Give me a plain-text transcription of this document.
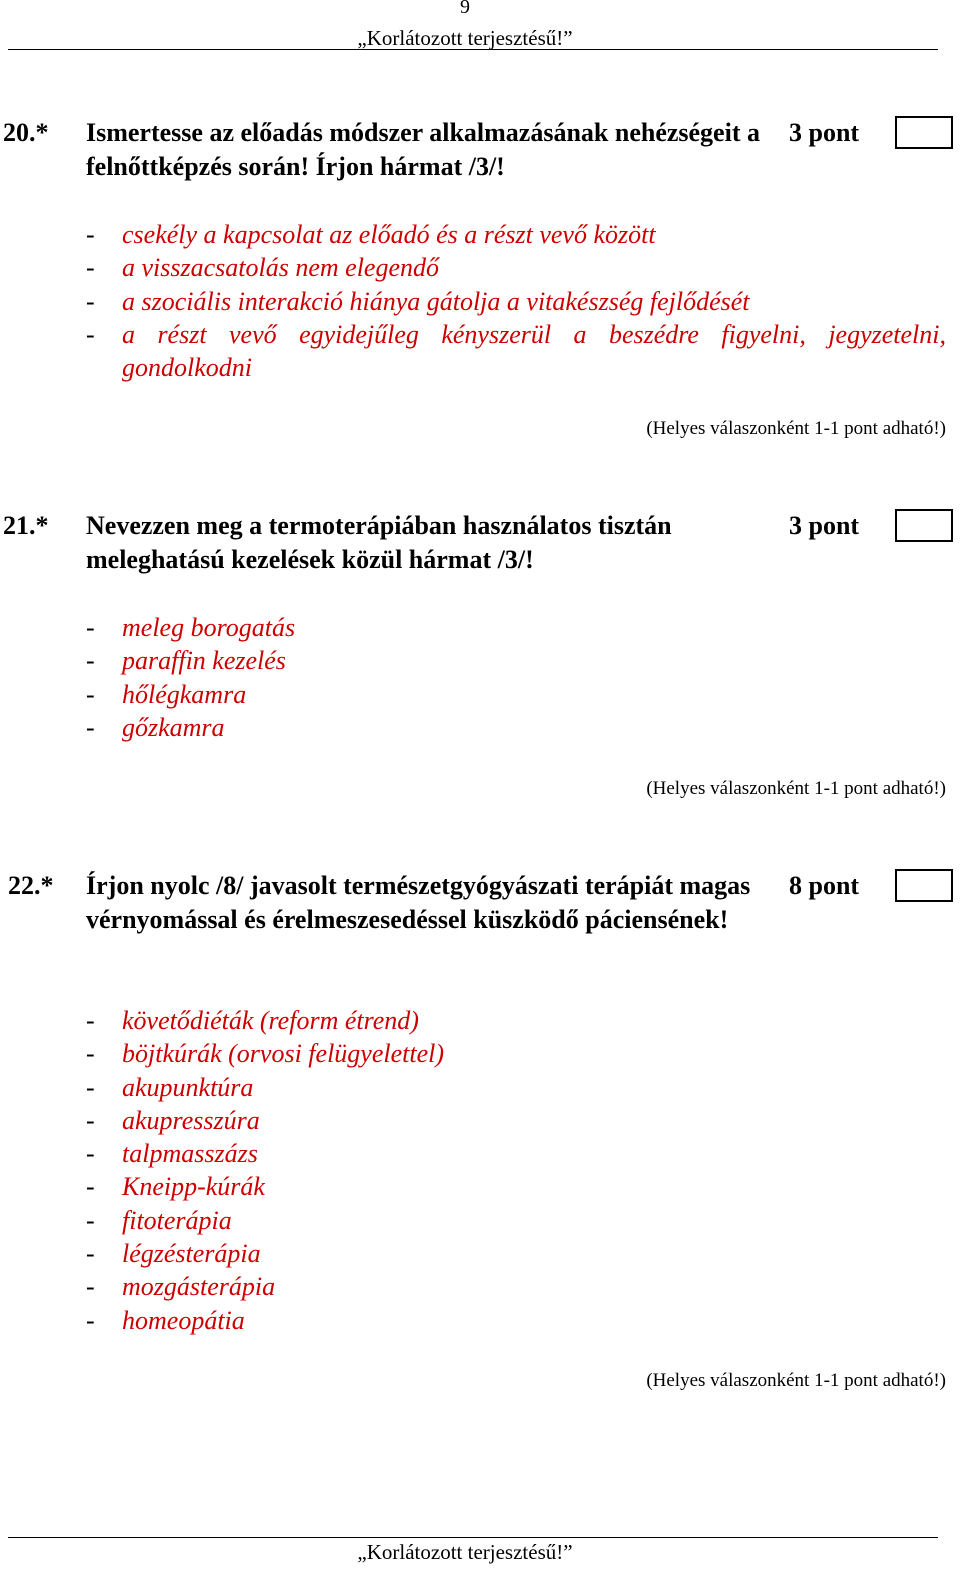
9
„Korlátozott terjesztésű!”
20.* Ismertesse az előadás módszer alkalmazásának nehézségeit a felnőttképzés során! Írjon hármat /3/!
3 pont
- csekély a kapcsolat az előadó és a részt vevő között
- a visszacsatolás nem elegendő
- a szociális interakció hiánya gátolja a vitakészség fejlődését
- a részt vevő egyidejűleg kényszerül a beszédre figyelni, jegyzetelni, gondolkodni
(Helyes válaszonként 1-1 pont adható!)
21.* Nevezzen meg a termoterápiában használatos tisztán meleghatású kezelések közül hármat /3/!
3 pont
- meleg borogatás
- paraffin kezelés
- hőlégkamra
- gőzkamra
(Helyes válaszonként 1-1 pont adható!)
22.* Írjon nyolc /8/ javasolt természetgyógyászati terápiát magas vérnyomással és érelmeszesedéssel küszködő páciensének!
8 pont
- követődiéták (reform étrend)
- böjtkúrák (orvosi felügyelettel)
- akupunktúra
- akupresszúra
- talpmasszázs
- Kneipp-kúrák
- fitoterápia
- légzésterápia
- mozgásterápia
- homeopátia
(Helyes válaszonként 1-1 pont adható!)
„Korlátozott terjesztésű!”
